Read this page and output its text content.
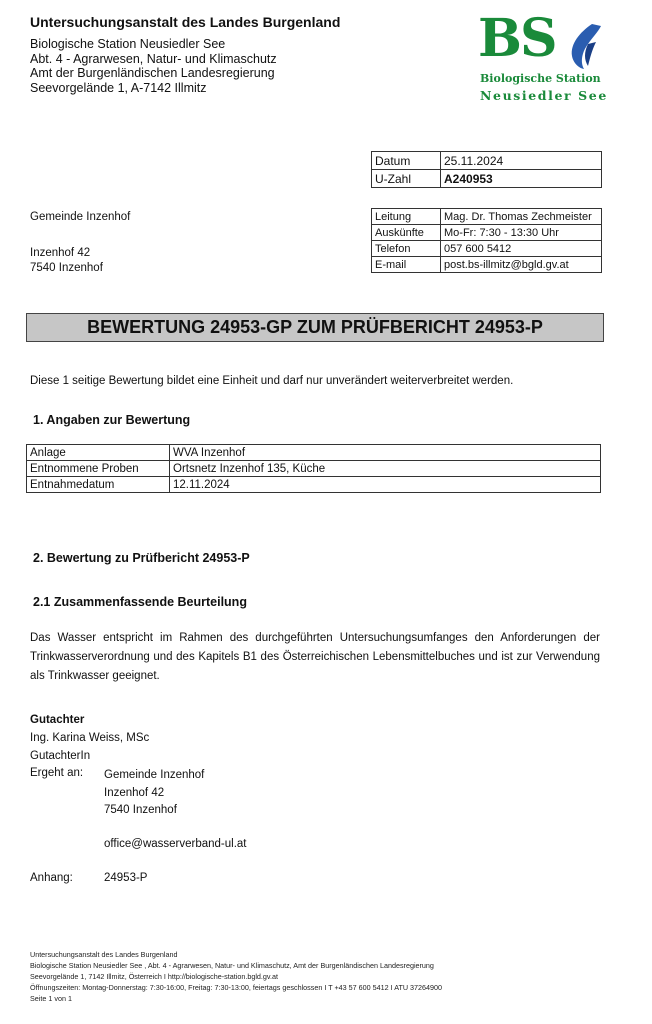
Untersuchungsanstalt des Landes Burgenland
Biologische Station Neusiedler See
Abt. 4 - Agrarwesen, Natur- und Klimaschutz
Amt der Burgenländischen Landesregierung
Seevorgelände 1, A-7142 Illmitz
BS
Biologische Station
Neusiedler See
Datum	25.11.2024
U-Zahl	A240953
Gemeinde Inzenhof
Inzenhof 42
7540 Inzenhof
Leitung	Mag. Dr. Thomas Zechmeister
Auskünfte	Mo-Fr: 7:30 - 13:30 Uhr
Telefon	057 600 5412
E-mail	post.bs-illmitz@bgld.gv.at
BEWERTUNG 24953-GP ZUM PRÜFBERICHT 24953-P
Diese 1 seitige Bewertung bildet eine Einheit und darf nur unverändert weiterverbreitet werden.
1. Angaben zur Bewertung
Anlage	WVA Inzenhof
Entnommene Proben	Ortsnetz Inzenhof 135, Küche
Entnahmedatum	12.11.2024
2. Bewertung zu Prüfbericht 24953-P
2.1 Zusammenfassende Beurteilung
Das Wasser entspricht im Rahmen des durchgeführten Untersuchungsumfanges den Anforderungen der Trinkwasserverordnung und des Kapitels B1 des Österreichischen Lebensmittelbuches und ist zur Verwendung als Trinkwasser geeignet.
Gutachter
Ing. Karina Weiss, MSc
GutachterIn
Ergeht an: Gemeinde Inzenhof
Inzenhof 42
7540 Inzenhof
office@wasserverband-ul.at
Anhang:	24953-P
Untersuchungsanstalt des Landes Burgenland
Biologische Station Neusiedler See , Abt. 4 - Agrarwesen, Natur- und Klimaschutz, Amt der Burgenländischen Landesregierung
Seevorgelände 1, 7142 Illmitz, Österreich I http://biologische-station.bgld.gv.at
Öffnungszeiten: Montag-Donnerstag: 7:30-16:00, Freitag: 7:30-13:00, feiertags geschlossen I T +43 57 600 5412 I ATU 37264900
Seite 1 von 1
